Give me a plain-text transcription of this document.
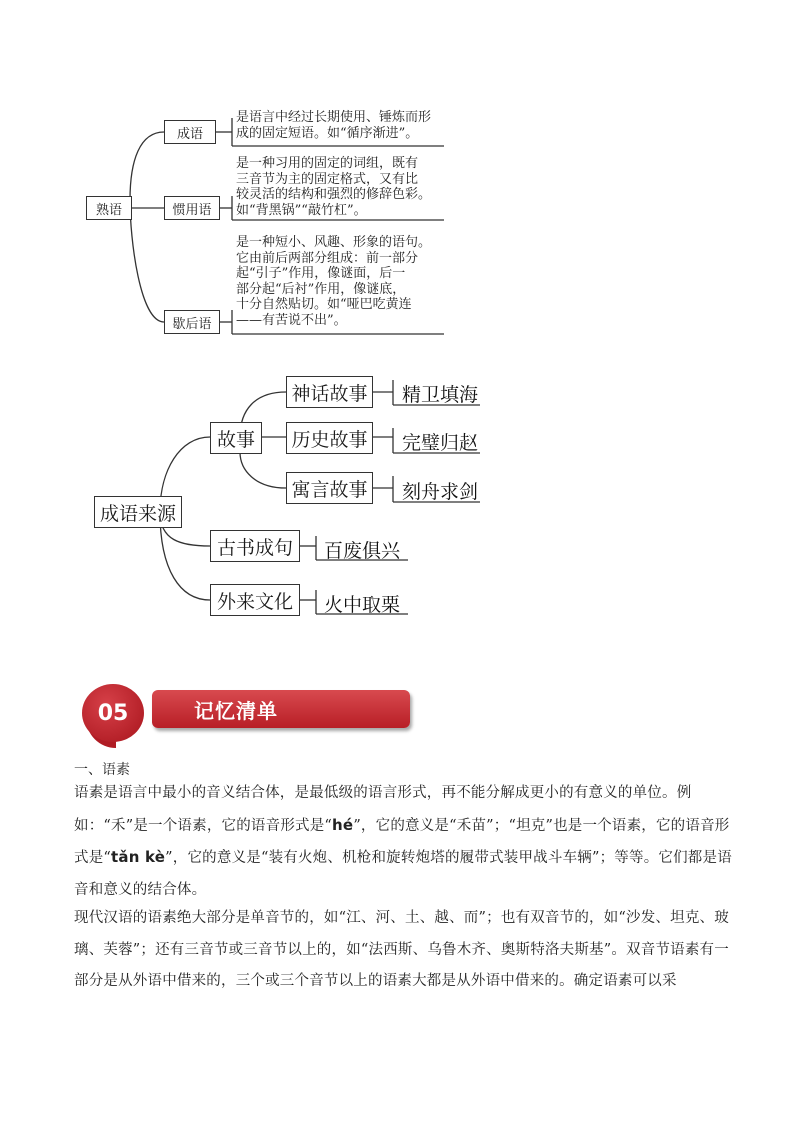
熟语
成语
是语言中经过长期使用、锤炼而形
成的固定短语。如“循序渐进”。
惯用语
是一种习用的固定的词组，既有
三音节为主的固定格式，又有比
较灵活的结构和强烈的修辞色彩。
如“背黑锅”“敲竹杠”。
歇后语
是一种短小、风趣、形象的语句。
它由前后两部分组成：前一部分
起“引子”作用，像谜面，后一
部分起“后衬”作用，像谜底，
十分自然贴切。如“哑巴吃黄连
——有苦说不出”。
成语来源
故事
神话故事 精卫填海
历史故事 完璧归赵
寓言故事 刻舟求剑
古书成句	百废俱兴
外来文化	火中取栗
05	记忆清单
一、语素
语素是语言中最小的音义结合体，是最低级的语言形式，再不能分解成更小的有意义的单位。例如：“禾”是一个语素，它的语音形式是“hé”，它的意义是“禾苗”；“坦克”也是一个语素，它的语音形式是“tǎn kè”，它的意义是“装有火炮、机枪和旋转炮塔的履带式装甲战斗车辆”；等等。它们都是语音和意义的结合体。
现代汉语的语素绝大部分是单音节的，如“江、河、土、越、而”；也有双音节的，如“沙发、坦克、玻璃、芙蓉”；还有三音节或三音节以上的，如“法西斯、乌鲁木齐、奥斯特洛夫斯基”。双音节语素有一部分是从外语中借来的，三个或三个音节以上的语素大都是从外语中借来的。确定语素可以采
